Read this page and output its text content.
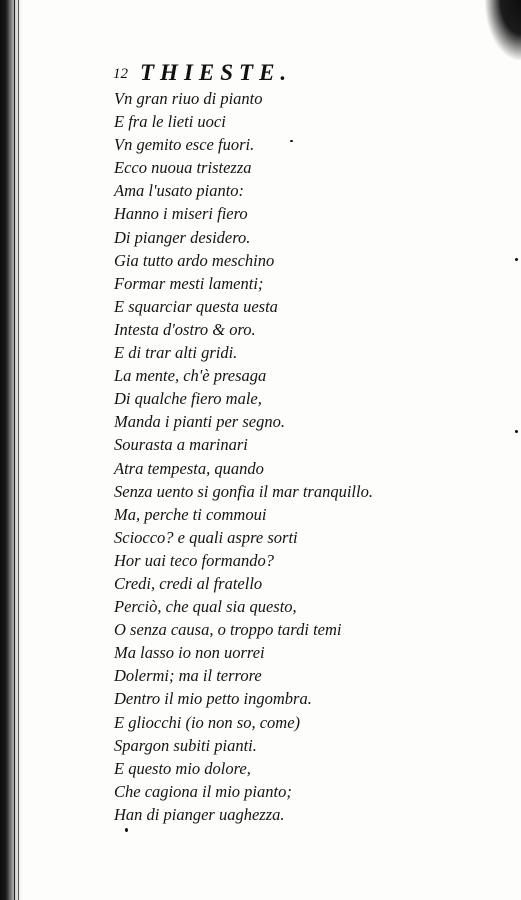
12 THIESTE.
Vn gran riuo di pianto
E fra le lieti uoci
Vn gemito esce fuori.
Ecco nuoua tristezza
Ama l'usato pianto:
Hanno i miseri fiero
Di pianger desidero.
Gia tutto ardo meschino
Formar mesti lamenti;
E squarciar questa uesta
Intesta d'ostro & oro.
E di trar alti gridi.
La mente, ch'è presaga
Di qualche fiero male,
Manda i pianti per segno.
Sourasta a marinari
Atra tempesta, quando
Senza uento si gonfia il mar tranquillo.
Ma, perche ti commoui
Sciocco? e quali aspre sorti
Hor uai teco formando?
Credi, credi al fratello
Perciò, che qual sia questo,
O senza causa, o troppo tardi temi
Ma lasso io non uorrei
Dolermi; ma il terrore
Dentro il mio petto ingombra.
E gliocchi (io non so, come)
Spargon subiti pianti.
E questo mio dolore,
Che cagiona il mio pianto;
Han di pianger uaghezza.
